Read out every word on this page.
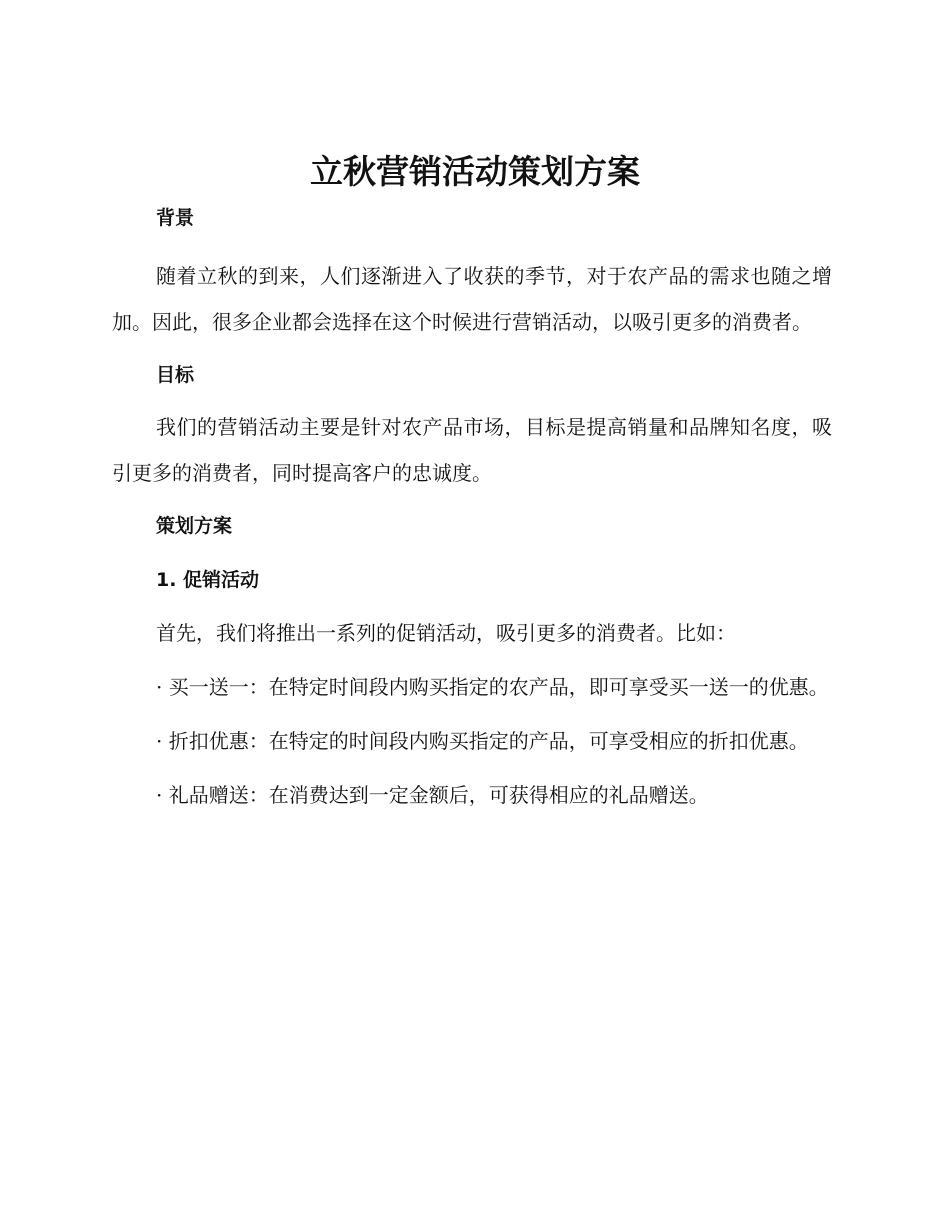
立秋营销活动策划方案
背景

随着立秋的到来，人们逐渐进入了收获的季节，对于农产品的需求也随之增加。因此，很多企业都会选择在这个时候进行营销活动，以吸引更多的消费者。

目标

我们的营销活动主要是针对农产品市场，目标是提高销量和品牌知名度，吸引更多的消费者，同时提高客户的忠诚度。

策划方案
1. 促销活动

首先，我们将推出一系列的促销活动，吸引更多的消费者。比如：

· 买一送一：在特定时间段内购买指定的农产品，即可享受买一送一的优惠。

· 折扣优惠：在特定的时间段内购买指定的产品，可享受相应的折扣优惠。

· 礼品赠送：在消费达到一定金额后，可获得相应的礼品赠送。
